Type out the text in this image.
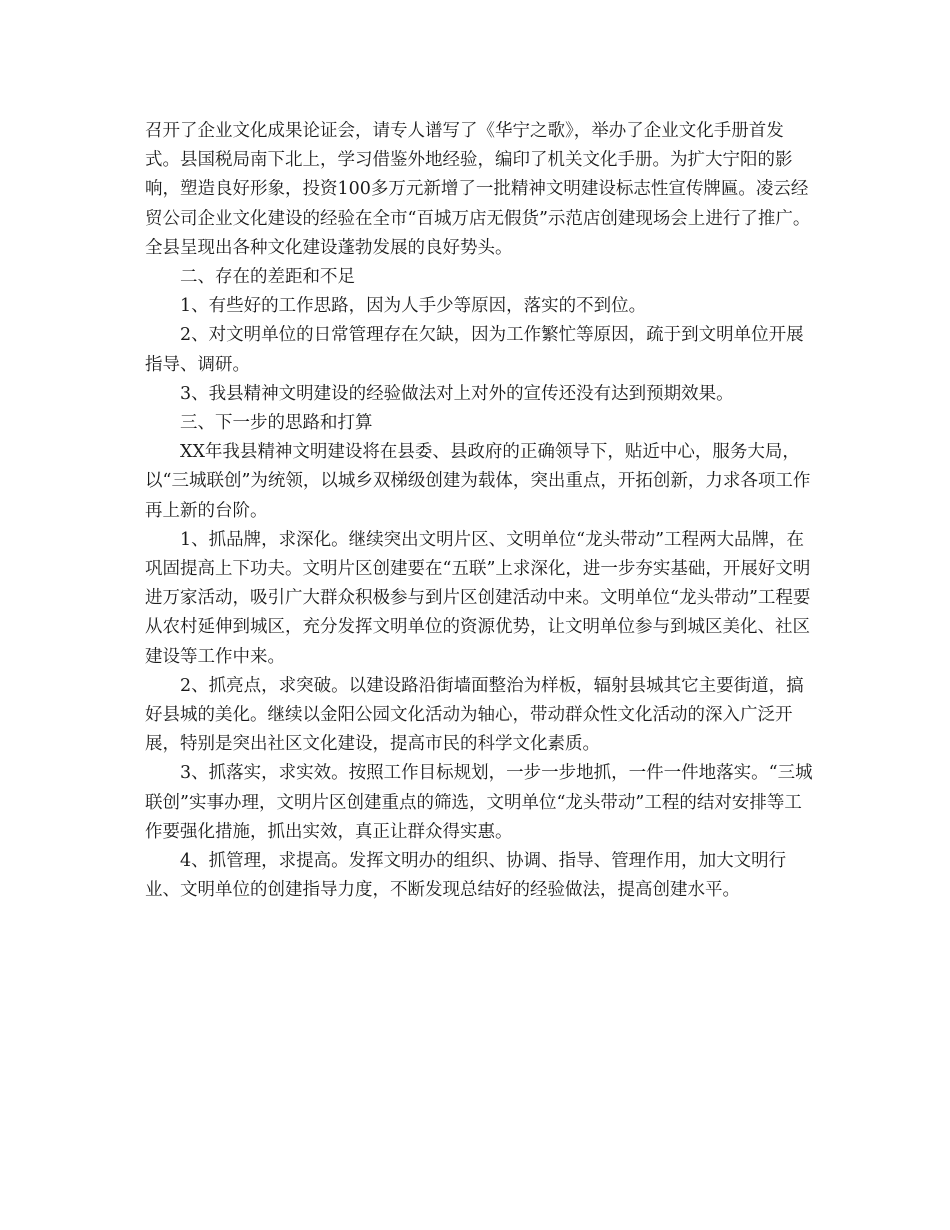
召开了企业文化成果论证会，请专人谱写了《华宁之歌》，举办了企业文化手册首发式。县国税局南下北上，学习借鉴外地经验，编印了机关文化手册。为扩大宁阳的影响，塑造良好形象，投资100多万元新增了一批精神文明建设标志性宣传牌匾。凌云经贸公司企业文化建设的经验在全市“百城万店无假货”示范店创建现场会上进行了推广。全县呈现出各种文化建设蓬勃发展的良好势头。

二、存在的差距和不足

1、有些好的工作思路，因为人手少等原因，落实的不到位。

2、对文明单位的日常管理存在欠缺，因为工作繁忙等原因，疏于到文明单位开展指导、调研。

3、我县精神文明建设的经验做法对上对外的宣传还没有达到预期效果。

三、下一步的思路和打算

XX年我县精神文明建设将在县委、县政府的正确领导下，贴近中心，服务大局，以“三城联创”为统领，以城乡双梯级创建为载体，突出重点，开拓创新，力求各项工作再上新的台阶。

1、抓品牌，求深化。继续突出文明片区、文明单位“龙头带动”工程两大品牌，在巩固提高上下功夫。文明片区创建要在“五联”上求深化，进一步夯实基础，开展好文明进万家活动，吸引广大群众积极参与到片区创建活动中来。文明单位“龙头带动”工程要从农村延伸到城区，充分发挥文明单位的资源优势，让文明单位参与到城区美化、社区建设等工作中来。

2、抓亮点，求突破。以建设路沿街墙面整治为样板，辐射县城其它主要街道，搞好县城的美化。继续以金阳公园文化活动为轴心，带动群众性文化活动的深入广泛开展，特别是突出社区文化建设，提高市民的科学文化素质。

3、抓落实，求实效。按照工作目标规划，一步一步地抓，一件一件地落实。“三城联创”实事办理，文明片区创建重点的筛选，文明单位“龙头带动”工程的结对安排等工作要强化措施，抓出实效，真正让群众得实惠。

4、抓管理，求提高。发挥文明办的组织、协调、指导、管理作用，加大文明行业、文明单位的创建指导力度，不断发现总结好的经验做法，提高创建水平。
